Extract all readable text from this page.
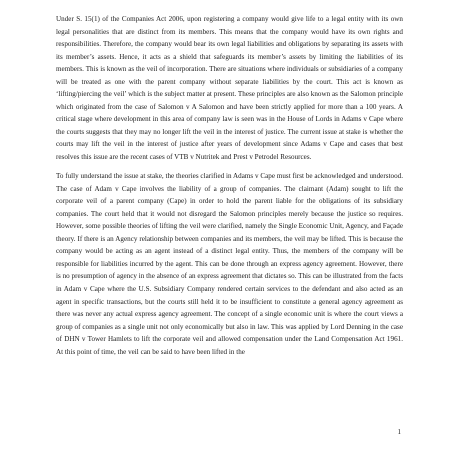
Under S. 15(1) of the Companies Act 2006, upon registering a company would give life to a legal entity with its own legal personalities that are distinct from its members. This means that the company would have its own rights and responsibilities. Therefore, the company would bear its own legal liabilities and obligations by separating its assets with its member’s assets. Hence, it acts as a shield that safeguards its member’s assets by limiting the liabilities of its members. This is known as the veil of incorporation. There are situations where individuals or subsidiaries of a company will be treated as one with the parent company without separate liabilities by the court. This act is known as ‘lifting/piercing the veil’ which is the subject matter at present. These principles are also known as the Salomon principle which originated from the case of Salomon v A Salomon and have been strictly applied for more than a 100 years. A critical stage where development in this area of company law is seen was in the House of Lords in Adams v Cape where the courts suggests that they may no longer lift the veil in the interest of justice. The current issue at stake is whether the courts may lift the veil in the interest of justice after years of development since Adams v Cape and cases that best resolves this issue are the recent cases of VTB v Nutritek and Prest v Petrodel Resources.

To fully understand the issue at stake, the theories clarified in Adams v Cape must first be acknowledged and understood. The case of Adam v Cape involves the liability of a group of companies. The claimant (Adam) sought to lift the corporate veil of a parent company (Cape) in order to hold the parent liable for the obligations of its subsidiary companies. The court held that it would not disregard the Salomon principles merely because the justice so requires. However, some possible theories of lifting the veil were clarified, namely the Single Economic Unit, Agency, and Façade theory. If there is an Agency relationship between companies and its members, the veil may be lifted. This is because the company would be acting as an agent instead of a distinct legal entity. Thus, the members of the company will be responsible for liabilities incurred by the agent. This can be done through an express agency agreement. However, there is no presumption of agency in the absence of an express agreement that dictates so. This can be illustrated from the facts in Adam v Cape where the U.S. Subsidiary Company rendered certain services to the defendant and also acted as an agent in specific transactions, but the courts still held it to be insufficient to constitute a general agency agreement as there was never any actual express agency agreement. The concept of a single economic unit is where the court views a group of companies as a single unit not only economically but also in law. This was applied by Lord Denning in the case of DHN v Tower Hamlets to lift the corporate veil and allowed compensation under the Land Compensation Act 1961. At this point of time, the veil can be said to have been lifted in the

1
